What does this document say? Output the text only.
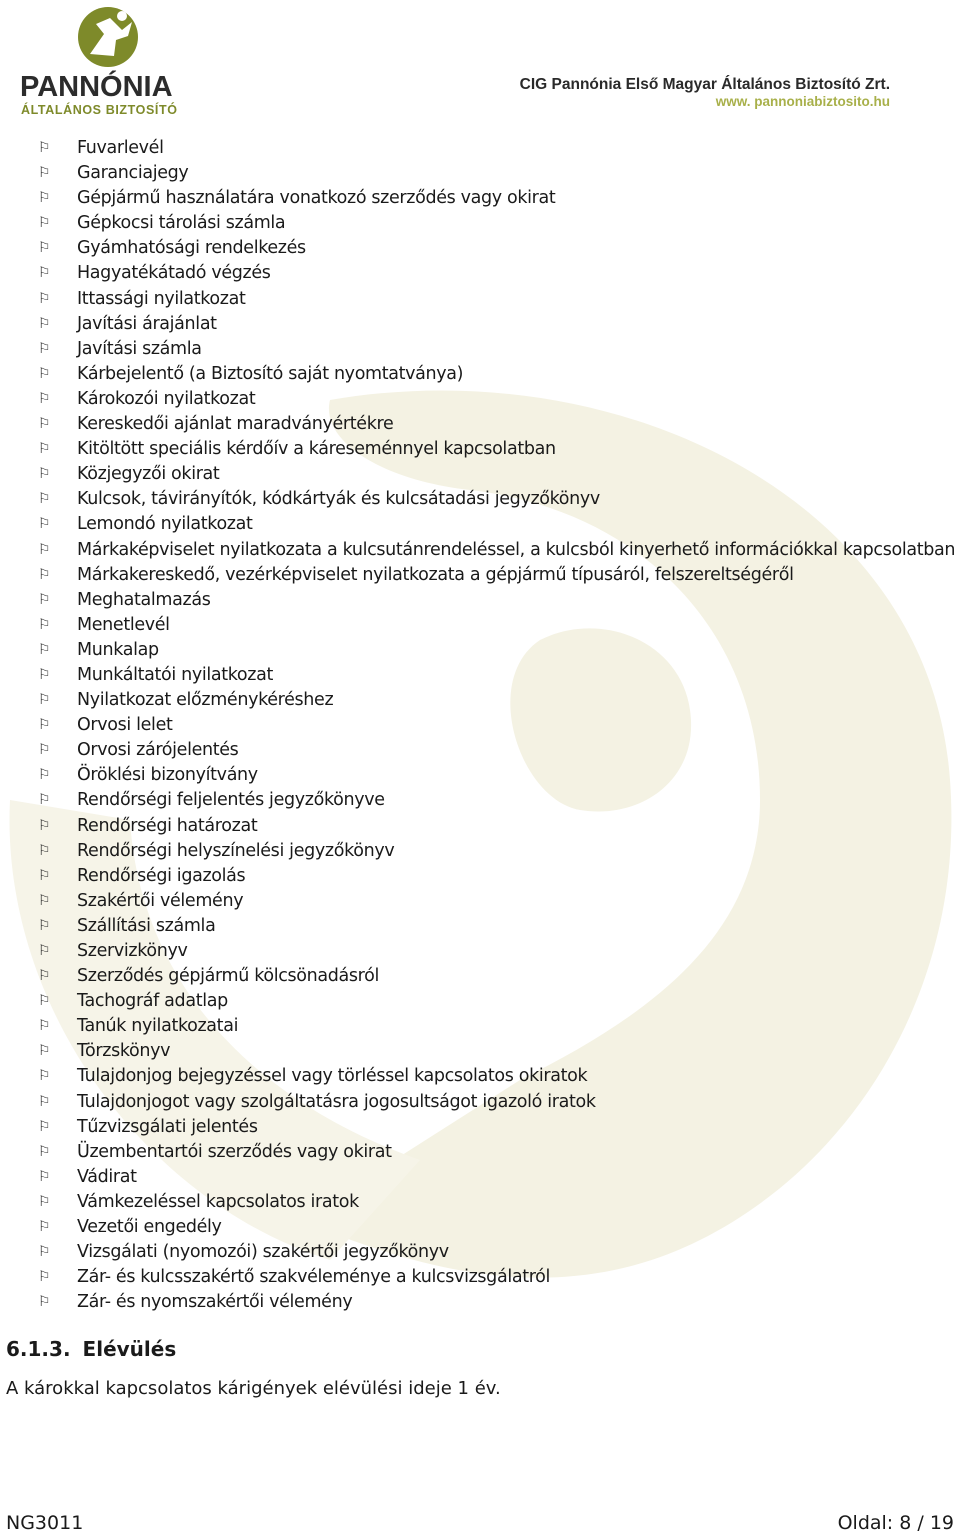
PANNÓNIA
ÁLTALÁNOS BIZTOSÍTÓ
CIG Pannónia Első Magyar Általános Biztosító Zrt.
www. pannoniabiztosito.hu
⚐	Fuvarlevél
⚐	Garanciajegy
⚐	Gépjármű használatára vonatkozó szerződés vagy okirat
⚐	Gépkocsi tárolási számla
⚐	Gyámhatósági rendelkezés
⚐	Hagyatékátadó végzés
⚐	Ittassági nyilatkozat
⚐	Javítási árajánlat
⚐	Javítási számla
⚐	Kárbejelentő (a Biztosító saját nyomtatványa)
⚐	Károkozói nyilatkozat
⚐	Kereskedői ajánlat maradványértékre
⚐	Kitöltött speciális kérdőív a káreseménnyel kapcsolatban
⚐	Közjegyzői okirat
⚐	Kulcsok, távirányítók, kódkártyák és kulcsátadási jegyzőkönyv
⚐	Lemondó nyilatkozat
⚐	Márkaképviselet nyilatkozata a kulcsutánrendeléssel, a kulcsból kinyerhető információkkal kapcsolatban
⚐	Márkakereskedő, vezérképviselet nyilatkozata a gépjármű típusáról, felszereltségéről
⚐	Meghatalmazás
⚐	Menetlevél
⚐	Munkalap
⚐	Munkáltatói nyilatkozat
⚐	Nyilatkozat előzménykéréshez
⚐	Orvosi lelet
⚐	Orvosi zárójelentés
⚐	Öröklési bizonyítvány
⚐	Rendőrségi feljelentés jegyzőkönyve
⚐	Rendőrségi határozat
⚐	Rendőrségi helyszínelési jegyzőkönyv
⚐	Rendőrségi igazolás
⚐	Szakértői vélemény
⚐	Szállítási számla
⚐	Szervizkönyv
⚐	Szerződés gépjármű kölcsönadásról
⚐	Tachográf adatlap
⚐	Tanúk nyilatkozatai
⚐	Törzskönyv
⚐	Tulajdonjog bejegyzéssel vagy törléssel kapcsolatos okiratok
⚐	Tulajdonjogot vagy szolgáltatásra jogosultságot igazoló iratok
⚐	Tűzvizsgálati jelentés
⚐	Üzembentartói szerződés vagy okirat
⚐	Vádirat
⚐	Vámkezeléssel kapcsolatos iratok
⚐	Vezetői engedély
⚐	Vizsgálati (nyomozói) szakértői jegyzőkönyv
⚐	Zár- és kulcsszakértő szakvéleménye a kulcsvizsgálatról
⚐	Zár- és nyomszakértői vélemény
6.1.3. Elévülés
A károkkal kapcsolatos kárigények elévülési ideje 1 év.
NG3011	Oldal: 8 / 19
